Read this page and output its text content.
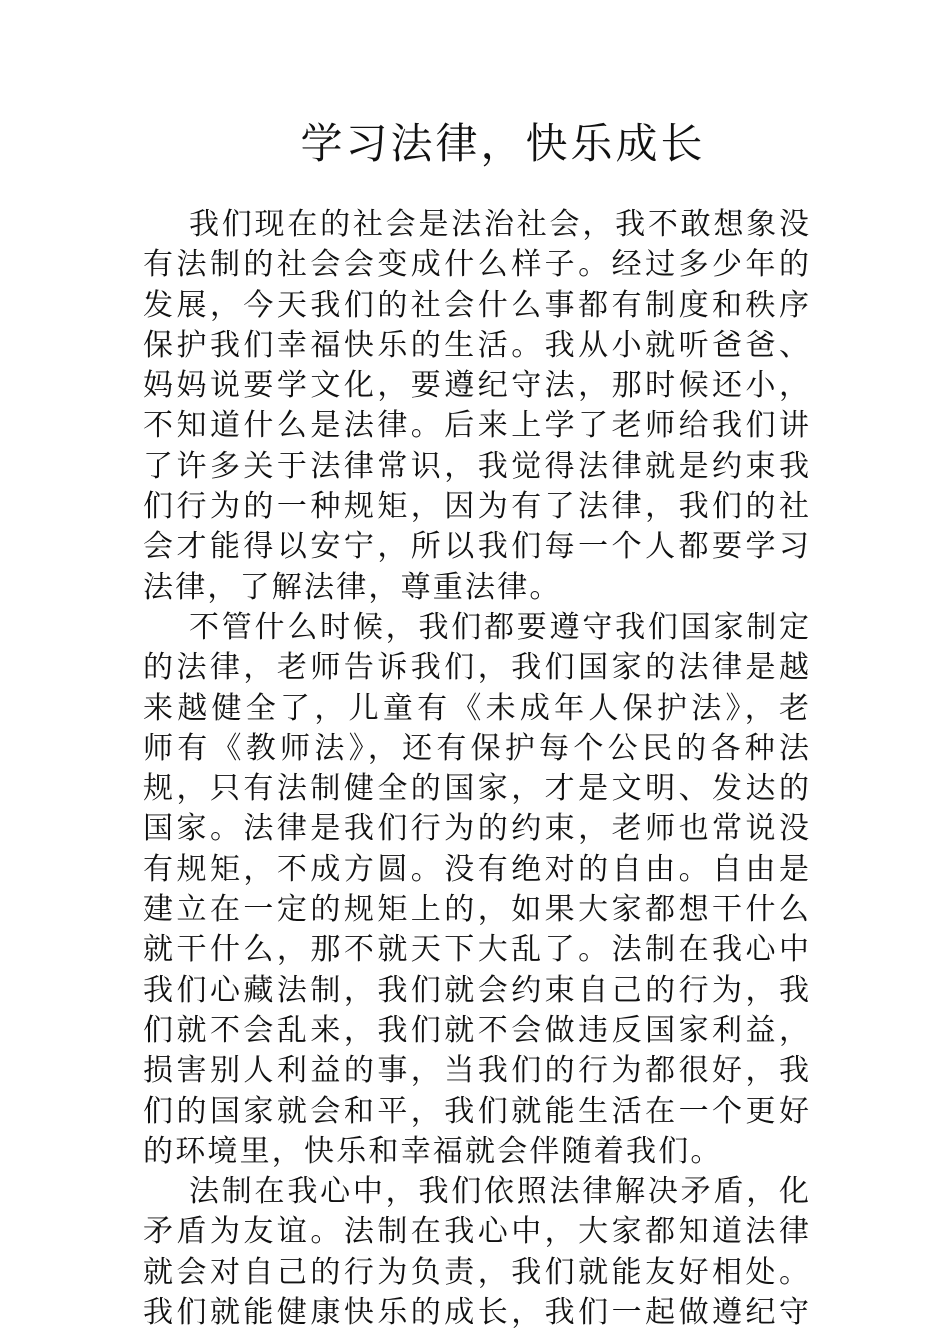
学习法律，快乐成长
我们现在的社会是法治社会，我不敢想象没
有法制的社会会变成什么样子。经过多少年的
发展，今天我们的社会什么事都有制度和秩序
保护我们幸福快乐的生活。我从小就听爸爸、
妈妈说要学文化，要遵纪守法，那时候还小，
不知道什么是法律。后来上学了老师给我们讲
了许多关于法律常识，我觉得法律就是约束我
们行为的一种规矩，因为有了法律，我们的社
会才能得以安宁，所以我们每一个人都要学习
法律，了解法律，尊重法律。
不管什么时候，我们都要遵守我们国家制定
的法律，老师告诉我们，我们国家的法律是越
来越健全了，儿童有《未成年人保护法》，老
师有《教师法》，还有保护每个公民的各种法
规，只有法制健全的国家，才是文明、发达的
国家。法律是我们行为的约束，老师也常说没
有规矩，不成方圆。没有绝对的自由。自由是
建立在一定的规矩上的，如果大家都想干什么
就干什么，那不就天下大乱了。法制在我心中
我们心藏法制，我们就会约束自己的行为，我
们就不会乱来，我们就不会做违反国家利益，
损害别人利益的事，当我们的行为都很好，我
们的国家就会和平，我们就能生活在一个更好
的环境里，快乐和幸福就会伴随着我们。
法制在我心中，我们依照法律解决矛盾，化
矛盾为友谊。法制在我心中，大家都知道法律
就会对自己的行为负责，我们就能友好相处。
我们就能健康快乐的成长，我们一起做遵纪守
